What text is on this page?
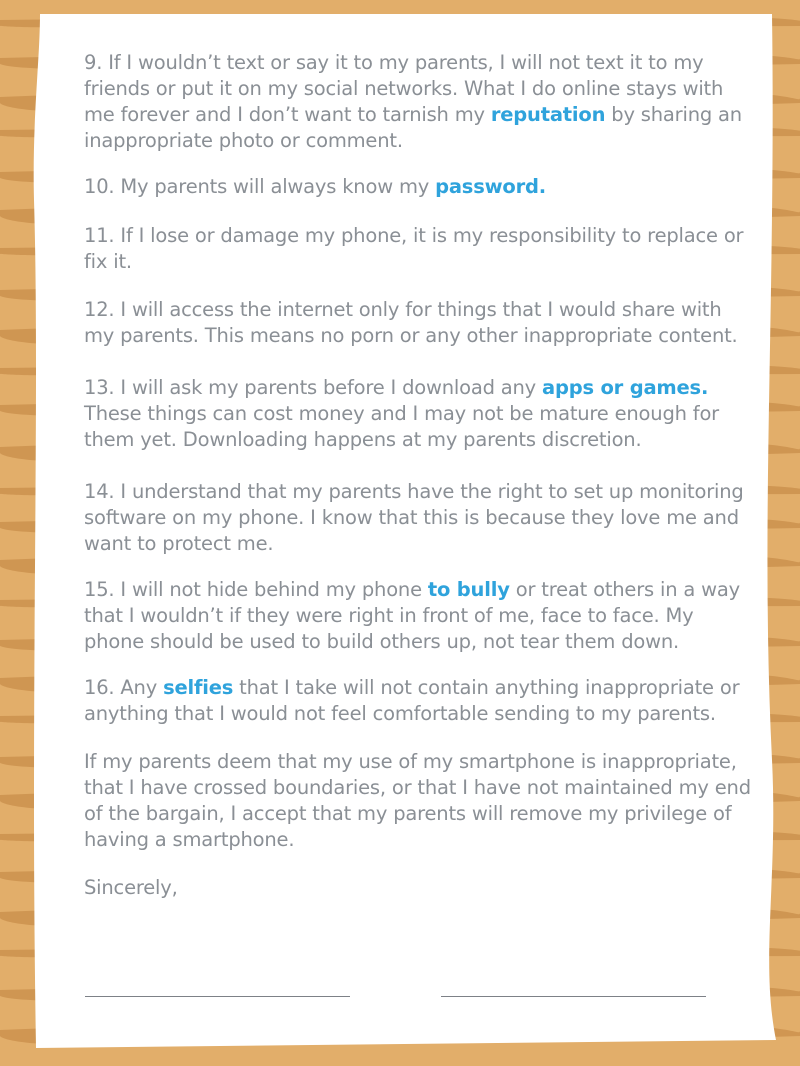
9. If I wouldn’t text or say it to my parents, I will not text it to my friends or put it on my social networks. What I do online stays with me forever and I don’t want to tarnish my reputation by sharing an inappropriate photo or comment.

10. My parents will always know my password.

11. If I lose or damage my phone, it is my responsibility to replace or fix it.

12. I will access the internet only for things that I would share with my parents. This means no porn or any other inappropriate content.

13. I will ask my parents before I download any apps or games. These things can cost money and I may not be mature enough for them yet. Downloading happens at my parents discretion.

14. I understand that my parents have the right to set up monitoring software on my phone. I know that this is because they love me and want to protect me.

15. I will not hide behind my phone to bully or treat others in a way that I wouldn’t if they were right in front of me, face to face. My phone should be used to build others up, not tear them down.

16. Any selfies that I take will not contain anything inappropriate or anything that I would not feel comfortable sending to my parents.

If my parents deem that my use of my smartphone is inappropriate, that I have crossed boundaries, or that I have not maintained my end of the bargain, I accept that my parents will remove my privilege of having a smartphone.

Sincerely,
